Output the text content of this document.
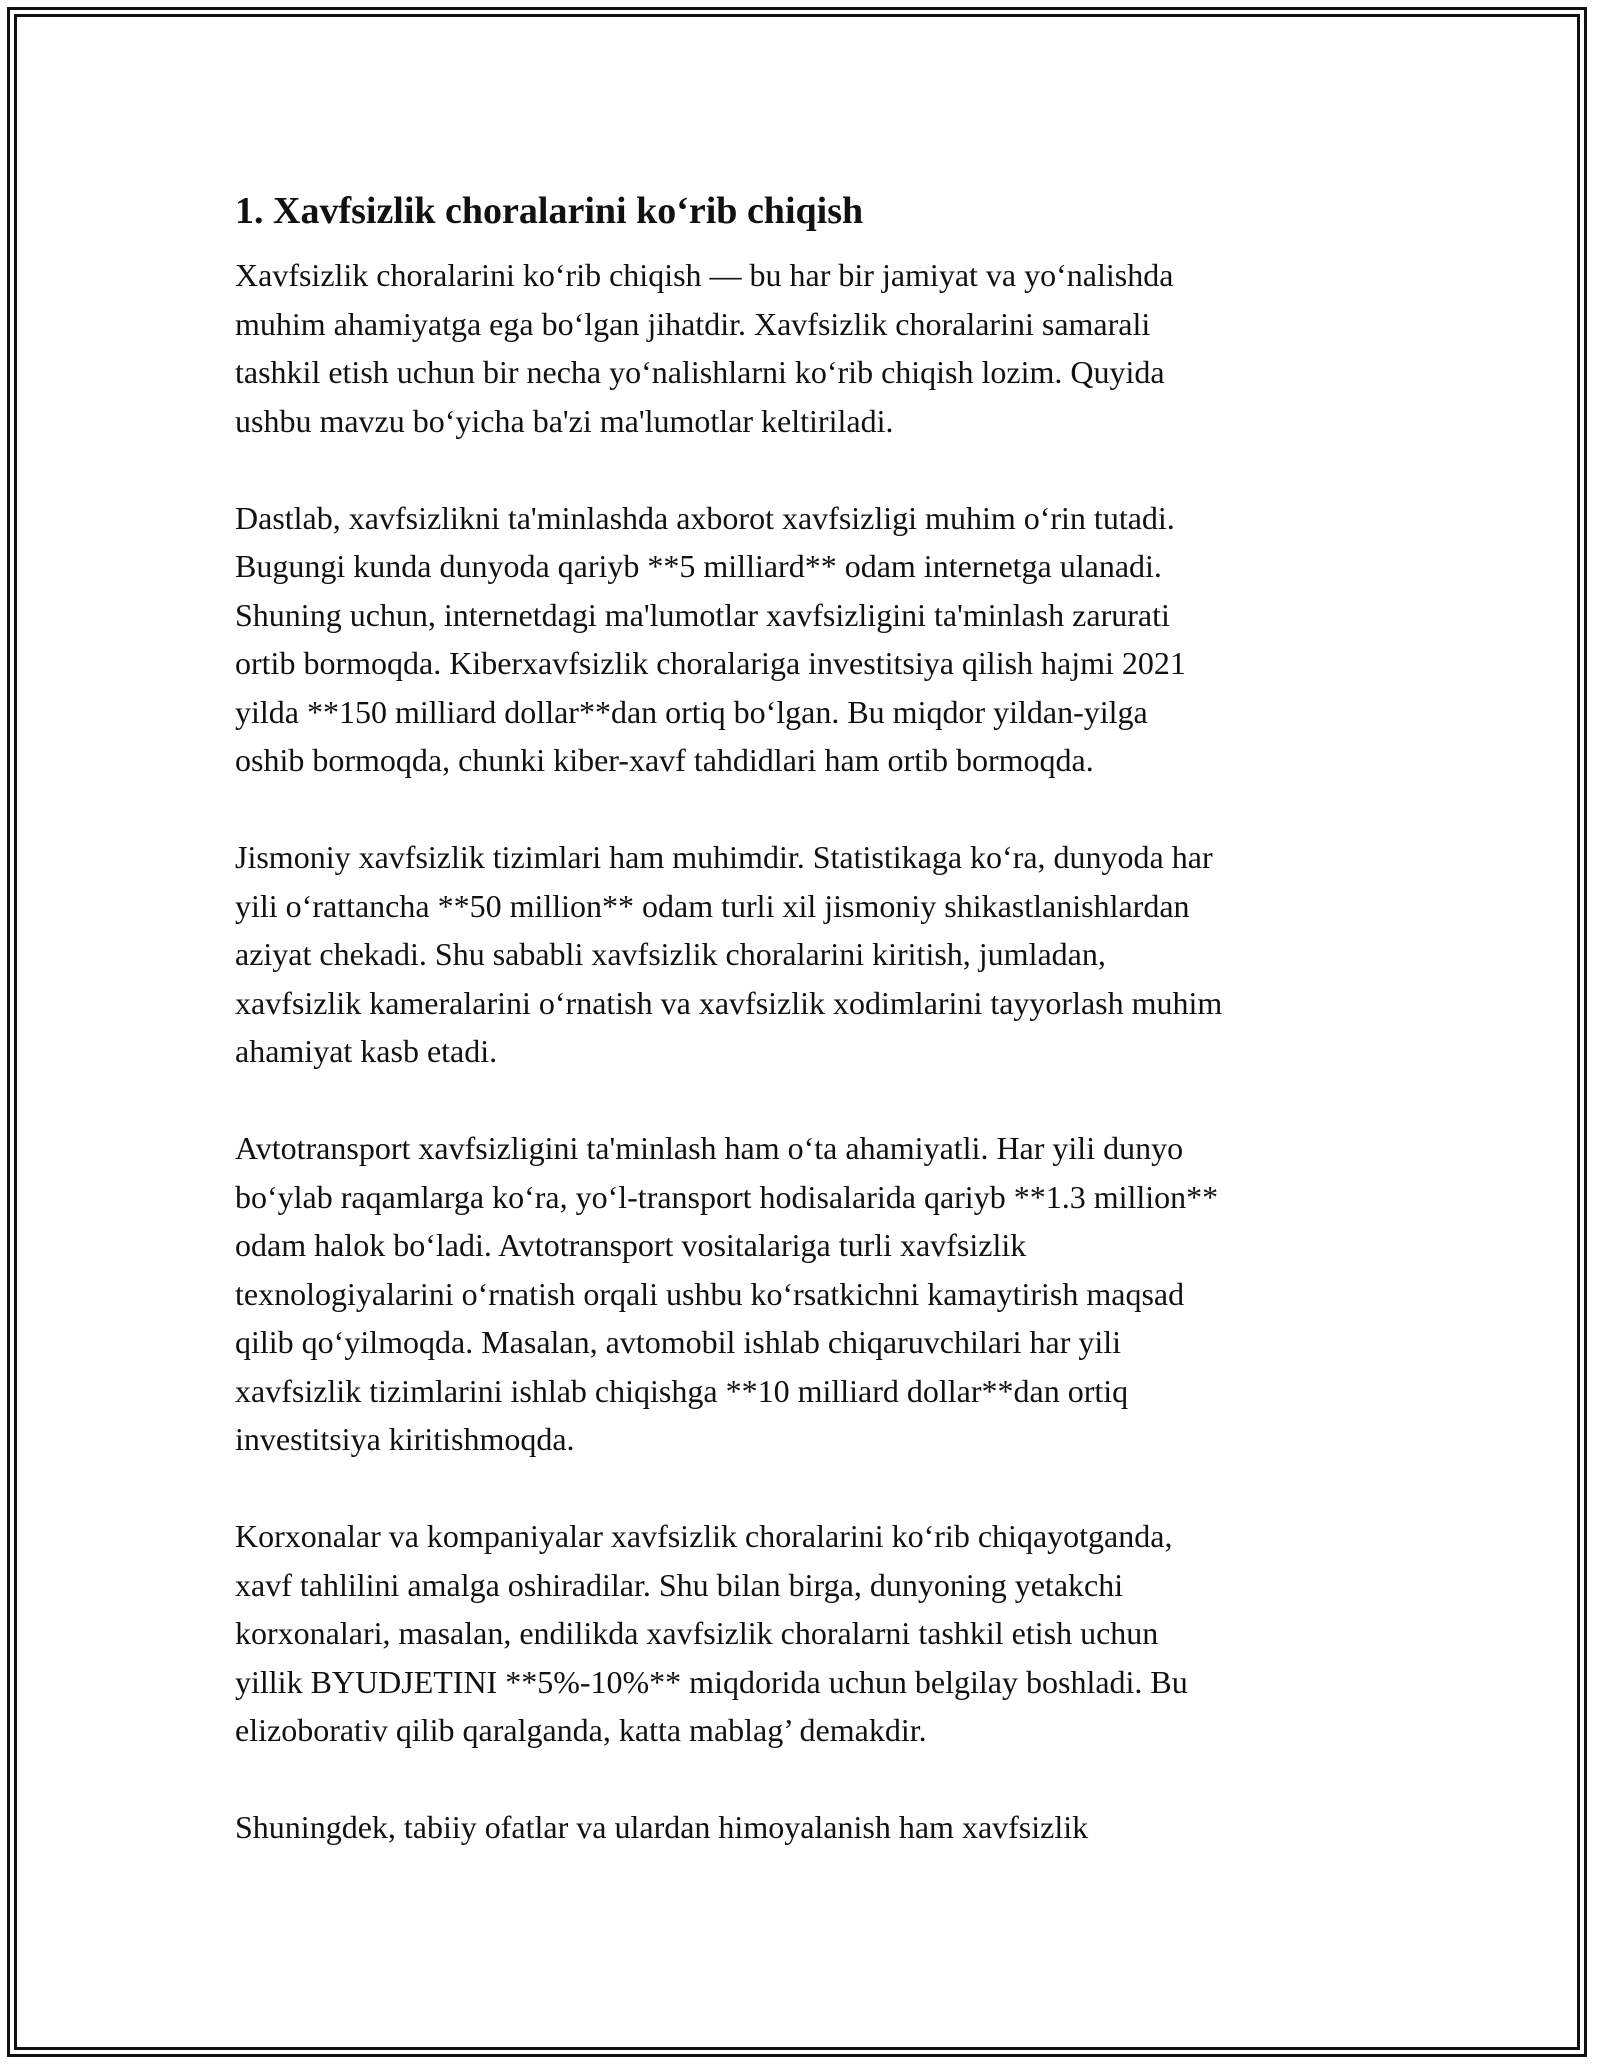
1. Xavfsizlik choralarini koʻrib chiqish
Xavfsizlik choralarini koʻrib chiqish — bu har bir jamiyat va yoʻnalishda
muhim ahamiyatga ega boʻlgan jihatdir. Xavfsizlik choralarini samarali
tashkil etish uchun bir necha yoʻnalishlarni koʻrib chiqish lozim. Quyida
ushbu mavzu boʻyicha ba'zi ma'lumotlar keltiriladi.
Dastlab, xavfsizlikni ta'minlashda axborot xavfsizligi muhim oʻrin tutadi.
Bugungi kunda dunyoda qariyb **5 milliard** odam internetga ulanadi.
Shuning uchun, internetdagi ma'lumotlar xavfsizligini ta'minlash zarurati
ortib bormoqda. Kiberxavfsizlik choralariga investitsiya qilish hajmi 2021
yilda **150 milliard dollar**dan ortiq boʻlgan. Bu miqdor yildan-yilga
oshib bormoqda, chunki kiber-xavf tahdidlari ham ortib bormoqda.
Jismoniy xavfsizlik tizimlari ham muhimdir. Statistikaga koʻra, dunyoda har
yili oʻrattancha **50 million** odam turli xil jismoniy shikastlanishlardan
aziyat chekadi. Shu sababli xavfsizlik choralarini kiritish, jumladan,
xavfsizlik kameralarini oʻrnatish va xavfsizlik xodimlarini tayyorlash muhim
ahamiyat kasb etadi.
Avtotransport xavfsizligini ta'minlash ham oʻta ahamiyatli. Har yili dunyo
boʻylab raqamlarga koʻra, yoʻl-transport hodisalarida qariyb **1.3 million**
odam halok boʻladi. Avtotransport vositalariga turli xavfsizlik
texnologiyalarini oʻrnatish orqali ushbu koʻrsatkichni kamaytirish maqsad
qilib qoʻyilmoqda. Masalan, avtomobil ishlab chiqaruvchilari har yili
xavfsizlik tizimlarini ishlab chiqishga **10 milliard dollar**dan ortiq
investitsiya kiritishmoqda.
Korxonalar va kompaniyalar xavfsizlik choralarini koʻrib chiqayotganda,
xavf tahlilini amalga oshiradilar. Shu bilan birga, dunyoning yetakchi
korxonalari, masalan, endilikda xavfsizlik choralarni tashkil etish uchun
yillik BYUDJETINI **5%-10%** miqdorida uchun belgilay boshladi. Bu
elizoborativ qilib qaralganda, katta mablag’ demakdir.
Shuningdek, tabiiy ofatlar va ulardan himoyalanish ham xavfsizlik
